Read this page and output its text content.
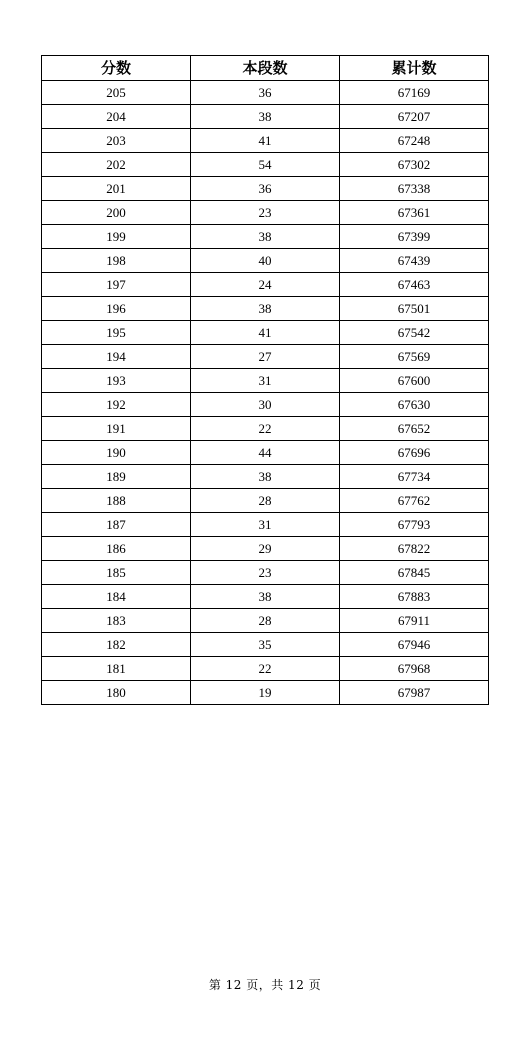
分数	本段数	累计数
205	36	67169
204	38	67207
203	41	67248
202	54	67302
201	36	67338
200	23	67361
199	38	67399
198	40	67439
197	24	67463
196	38	67501
195	41	67542
194	27	67569
193	31	67600
192	30	67630
191	22	67652
190	44	67696
189	38	67734
188	28	67762
187	31	67793
186	29	67822
185	23	67845
184	38	67883
183	28	67911
182	35	67946
181	22	67968
180	19	67987
第 12 页，共 12 页
